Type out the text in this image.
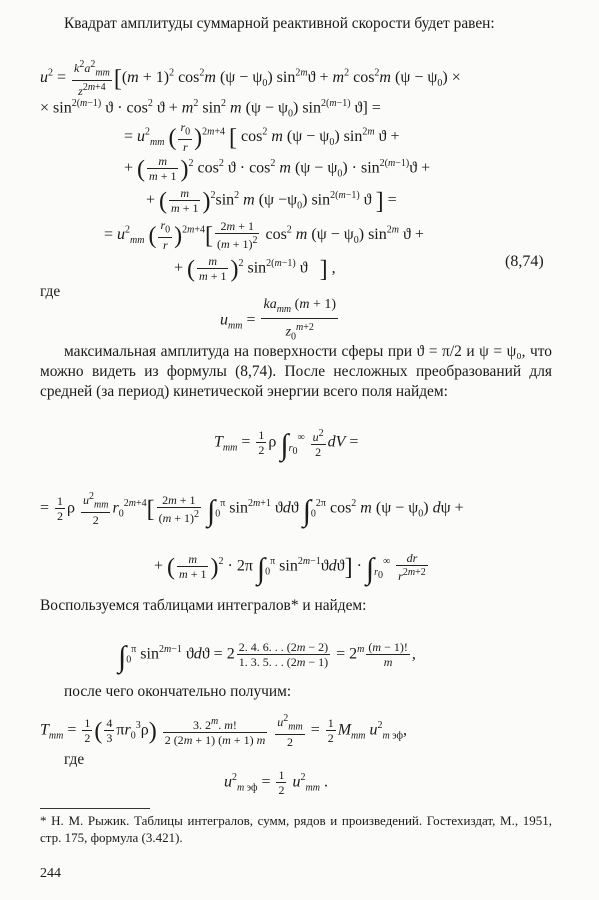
Квадрат амплитуды суммарной реактивной скорости будет равен:
$u^2 = \frac{k^2a^2_{mm}}{z^{2m+4}} [(m + 1)^2$ $\cos^2m$ $(\psi - \psi_0)$ $\sin^{2m}ϑ + m^2$ $\cos^2m$ $(\psi - \psi_0)$ ×
× $\sin^{2(m-1)} ϑ \cdot \cos^2 ϑ + m^2$ $\sin^2 m$ $(\psi - \psi_0)$ $\sin^{2(m-1)} ϑ$] =
= $u^2_{mm}$ ( $\frac{r_0}{r} )^{2m+4}$ [ $\cos^2 m$ $(\psi - \psi_0)$ $\sin^{2m} ϑ$ +
+ ( $\frac{m}{m + 1} )^2$ $\cos^2 ϑ \cdot \cos^2 m$ $(\psi - \psi_0) \cdot \sin^{2(m-1)}ϑ$ +
+ ( $\frac{m}{m + 1} )^2\sin^2$ m $(\psi -\psi_0)$ $\sin^{2(m-1)} ϑ$ ] =
= $u^2_{mm}$ ( $\frac{r_0}{r} )^{2m+4}[ \frac{2m + 1}{(m + 1)^2} \cos^2 m$ $(\psi - \psi_0)$ $\sin^{2m} ϑ$ +
+ ( $\frac{m}{m + 1} )^2$ $\sin^{2(m-1)} ϑ$   ] ,	(8,74)
где
$u_{mm} = \frac{ka_{mm} (m + 1)}{z_0^{m+2}}$
максимальная амплитуда на поверхности сферы при ϑ = π/2 и ψ = ψ₀, что можно видеть из формулы (8,74). После несложных преобразований для средней (за период) кинетической энергии всего поля найдем:
$T_{mm} = \frac{1}{2}$ ρ $\int_{r_0}^\infty \frac{u^2}{2}$ dV =
= $\frac{1}{2}$ ρ $\frac{u^2_{mm}}{2} r_0^{2m+4}[ \frac{2m + 1}{(m + 1)^2} \int_0^\pi$ $\sin^{2m+1} ϑdϑ$ $\int_0^{2\pi}$ $\cos^2 m$ $(\psi - \psi_0)$ dψ +
+ ( $\frac{m}{m + 1} )^2 \cdot 2\pi$ $\int_0^\pi$ $\sin^{2m-1}ϑdϑ] \cdot \int_{r_0}^\infty \frac{dr}{r^{2m+2}}$
Воспользуемся таблицами интегралов* и найдем:
$\int_0^\pi$ $\sin^{2m-1} ϑdϑ = 2 \frac{2. 4. 6. . . (2m - 2)}{1. 3. 5. . . (2m - 1)} = 2^m \frac{(m - 1)!}{m}$ ,
после чего окончательно получим:
$T_{mm} = \frac{1}{2}$ ( $\frac{4}{3} \pi r_0^3\rho) \frac{3. 2^m. m!}{2 (2m + 1) (m + 1) m}$
$\frac{u^2_{mm}}{2} = \frac{1}{2} M_{mm}$ $u^2_{m эф}$,
где
$u^2_{m эф} = \frac{1}{2} u^2_{mm}$ .
* Н. М. Рыжик. Таблицы интегралов, сумм, рядов и произведений. Гостехиздат, М., 1951, стр. 175, формула (3.421).
244
